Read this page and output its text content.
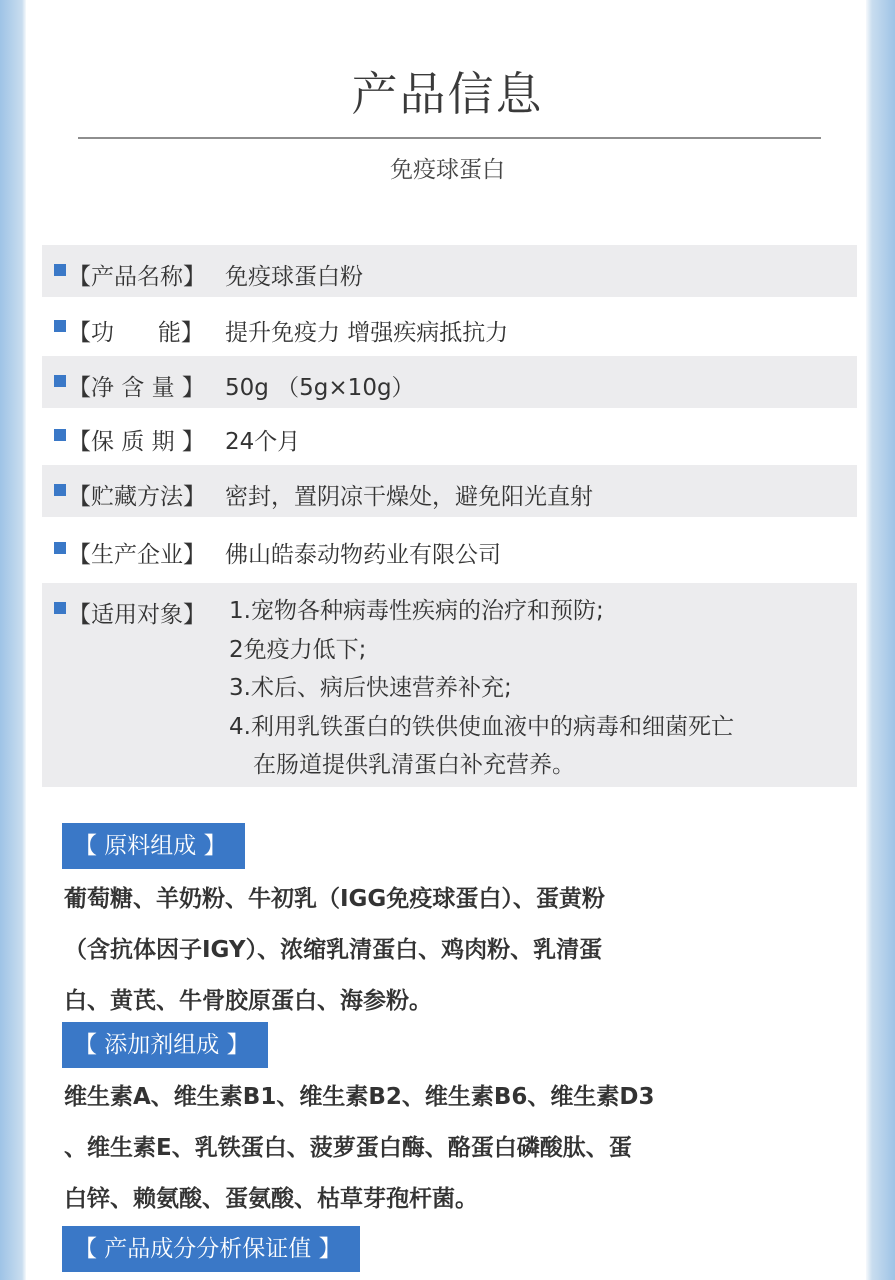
产品信息
免疫球蛋白
【产品名称】 免疫球蛋白粉
【功      能】 提升免疫力 增强疾病抵抗力
【净 含 量 】 50g （5g×10g）
【保 质 期 】 24个月
【贮藏方法】 密封，置阴凉干燥处，避免阳光直射
【生产企业】 佛山皓泰动物药业有限公司
【适用对象】 1.宠物各种病毒性疾病的治疗和预防;
2免疫力低下;
3.术后、病后快速营养补充;
4.利用乳铁蛋白的铁供使血液中的病毒和细菌死亡
在肠道提供乳清蛋白补充营养。
【 原料组成 】
葡萄糖、羊奶粉、牛初乳（IGG免疫球蛋白）、蛋黄粉
（含抗体因子IGY）、浓缩乳清蛋白、鸡肉粉、乳清蛋
白、黄芪、牛骨胶原蛋白、海参粉。
【 添加剂组成 】
维生素A、维生素B1、维生素B2、维生素B6、维生素D3
、维生素E、乳铁蛋白、菠萝蛋白酶、酪蛋白磷酸肽、蛋
白锌、赖氨酸、蛋氨酸、枯草芽孢杆菌。
【 产品成分分析保证值 】
